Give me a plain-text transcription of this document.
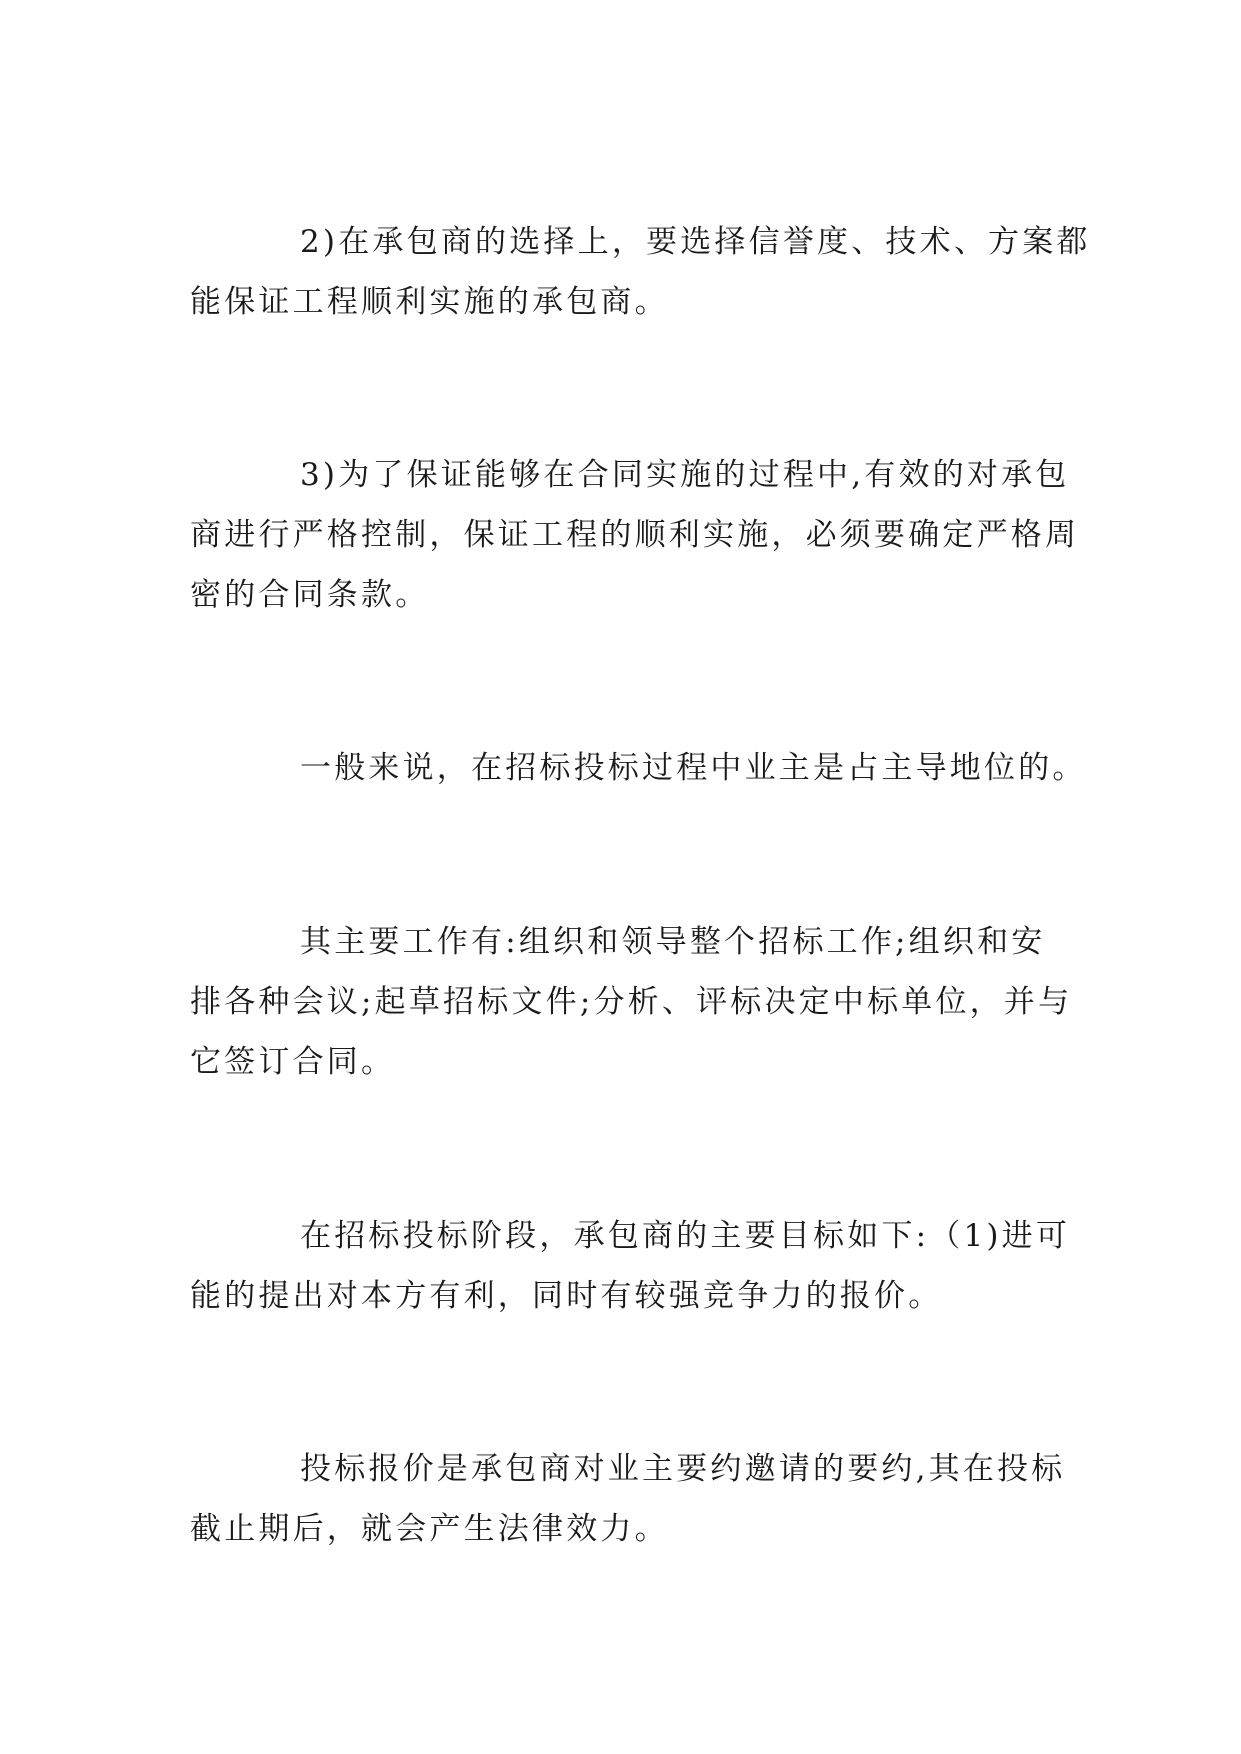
2)在承包商的选择上，要选择信誉度、技术、方案都
能保证工程顺利实施的承包商。
3)为了保证能够在合同实施的过程中,有效的对承包
商进行严格控制，保证工程的顺利实施，必须要确定严格周
密的合同条款。
一般来说，在招标投标过程中业主是占主导地位的。
其主要工作有:组织和领导整个招标工作;组织和安
排各种会议;起草招标文件;分析、评标决定中标单位，并与
它签订合同。
在招标投标阶段，承包商的主要目标如下:（1)进可
能的提出对本方有利，同时有较强竞争力的报价。
投标报价是承包商对业主要约邀请的要约,其在投标
截止期后，就会产生法律效力。
